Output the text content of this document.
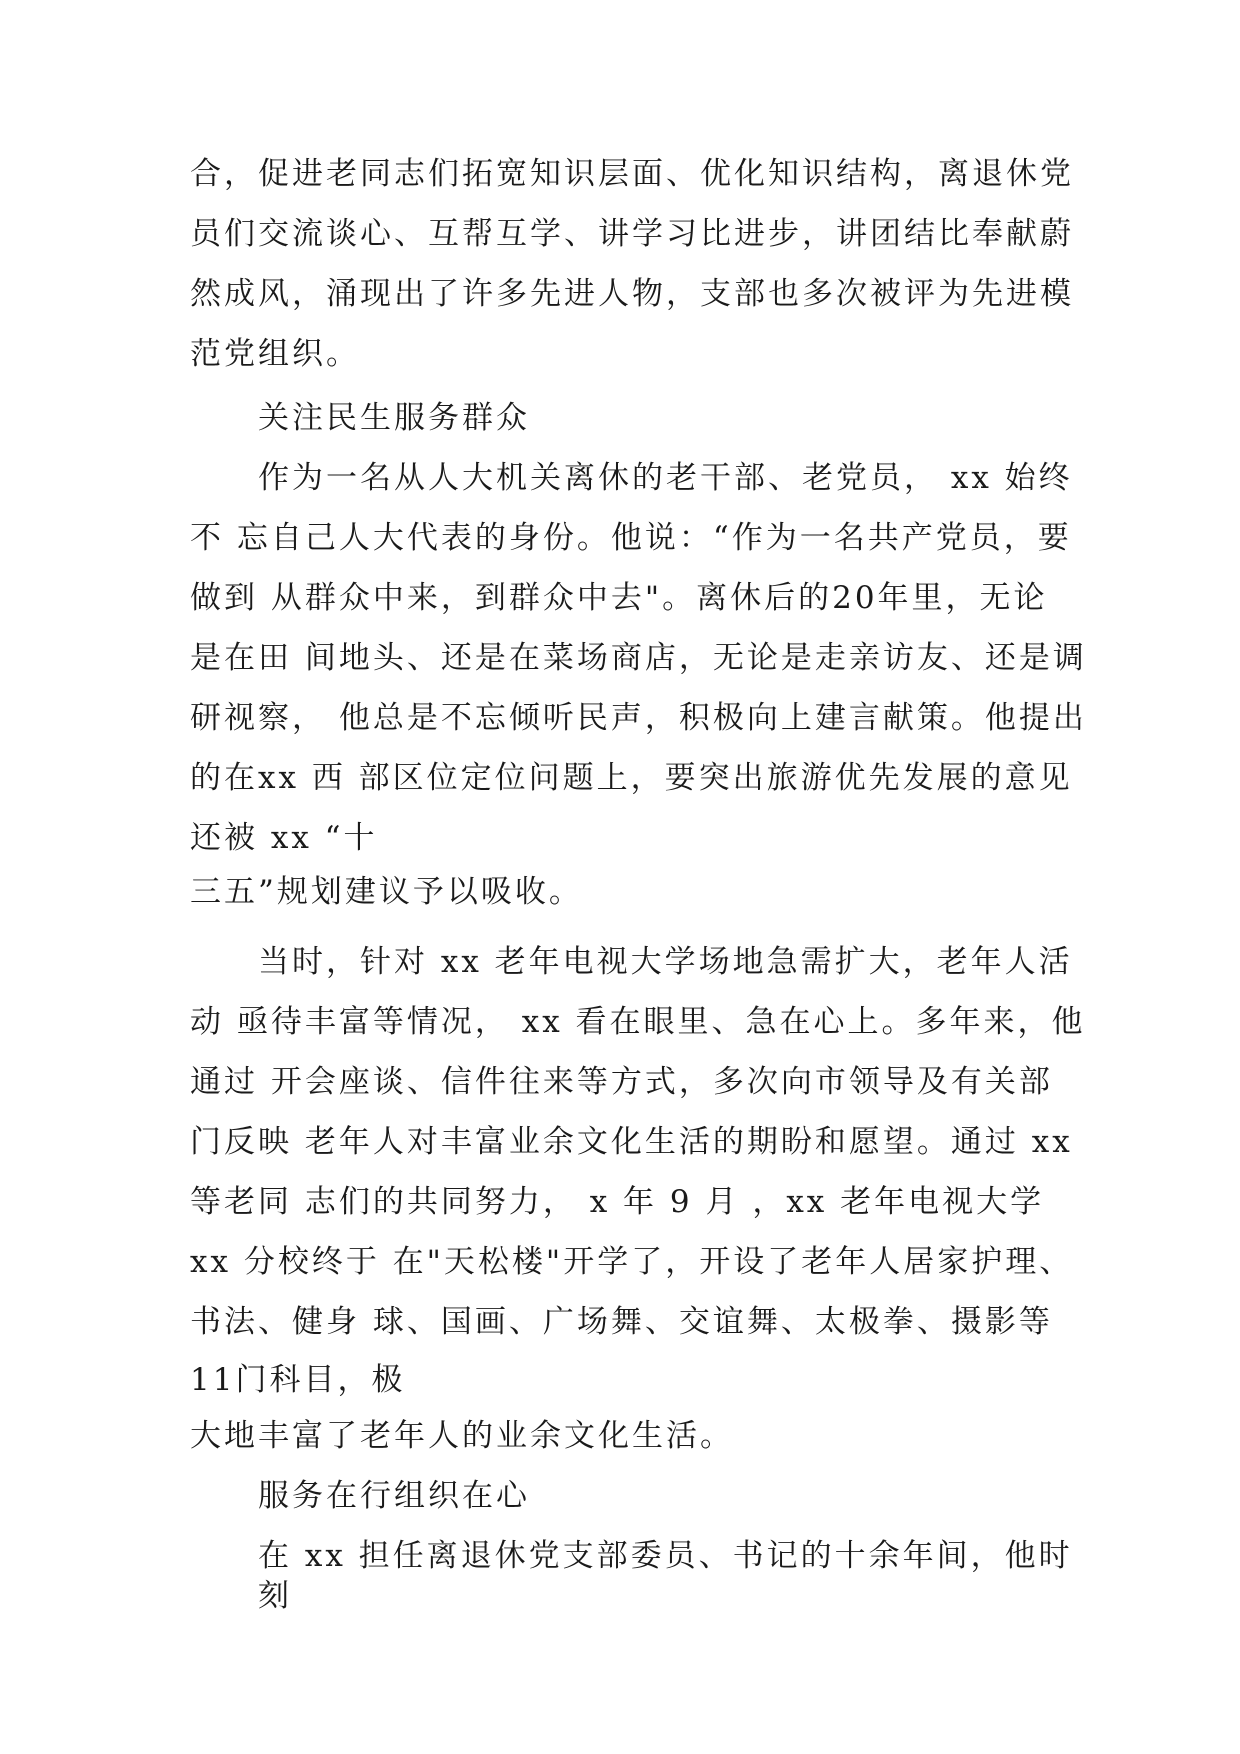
合，促进老同志们拓宽知识层面、优化知识结构，离退休党
员们交流谈心、互帮互学、讲学习比进步，讲团结比奉献蔚
然成风，涌现出了许多先进人物，支部也多次被评为先进模
范党组织。
关注民生服务群众
作为一名从人大机关离休的老干部、老党员， xx 始终
不 忘自己人大代表的身份。他说：“作为一名共产党员，要
做到 从群众中来，到群众中去"。离休后的20年里，无论
是在田 间地头、还是在菜场商店，无论是走亲访友、还是调
研视察， 他总是不忘倾听民声，积极向上建言献策。他提出
的在xx 西 部区位定位问题上，要突出旅游优先发展的意见
还被 xx “十
三五”规划建议予以吸收。
当时，针对 xx 老年电视大学场地急需扩大，老年人活
动 亟待丰富等情况， xx 看在眼里、急在心上。多年来，他
通过 开会座谈、信件往来等方式，多次向市领导及有关部
门反映 老年人对丰富业余文化生活的期盼和愿望。通过 xx
等老同 志们的共同努力， x 年 9 月 ，xx 老年电视大学
xx 分校终于 在"天松楼"开学了，开设了老年人居家护理、
书法、健身 球、国画、广场舞、交谊舞、太极拳、摄影等
11门科目，极
大地丰富了老年人的业余文化生活。
服务在行组织在心
在 xx 担任离退休党支部委员、书记的十余年间，他时
刻
